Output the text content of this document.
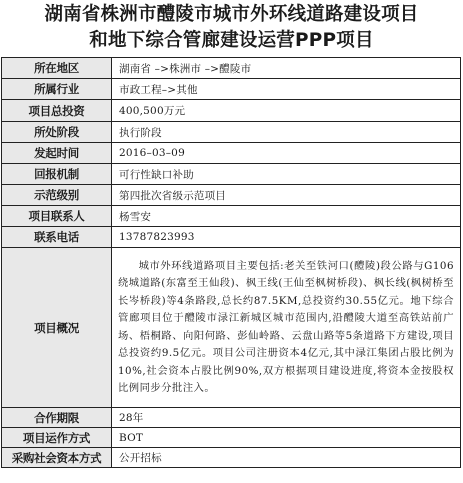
湖南省株洲市醴陵市城市外环线道路建设项目
和地下综合管廊建设运营PPP项目
所在地区	湖南省 –>株洲市 –>醴陵市
所属行业	市政工程–>其他
项目总投资	400,500万元
所处阶段	执行阶段
发起时间	2016–03–09
回报机制	可行性缺口补助
示范级别	第四批次省级示范项目
项目联系人	杨雪安
联系电话	13787823993
项目概况	城市外环线道路项目主要包括:老关至铁河口(醴陵)段公路与G106绕城道路(东富至王仙段)、枫王线(王仙至枫树桥段)、枫长线(枫树桥至长岑桥段)等4条路段,总长约87.5KM,总投资约30.55亿元。地下综合管廊项目位于醴陵市渌江新城区城市范围内,沿醴陵大道至高铁站前广场、梧桐路、向阳何路、彭仙岭路、云盘山路等5条道路下方建设,项目总投资约9.5亿元。项目公司注册资本4亿元,其中渌江集团占股比例为10%,社会资本占股比例90%,双方根据项目建设进度,将资本金按股权比例同步分批注入。
合作期限	28年
项目运作方式	BOT
采购社会资本方式	公开招标
